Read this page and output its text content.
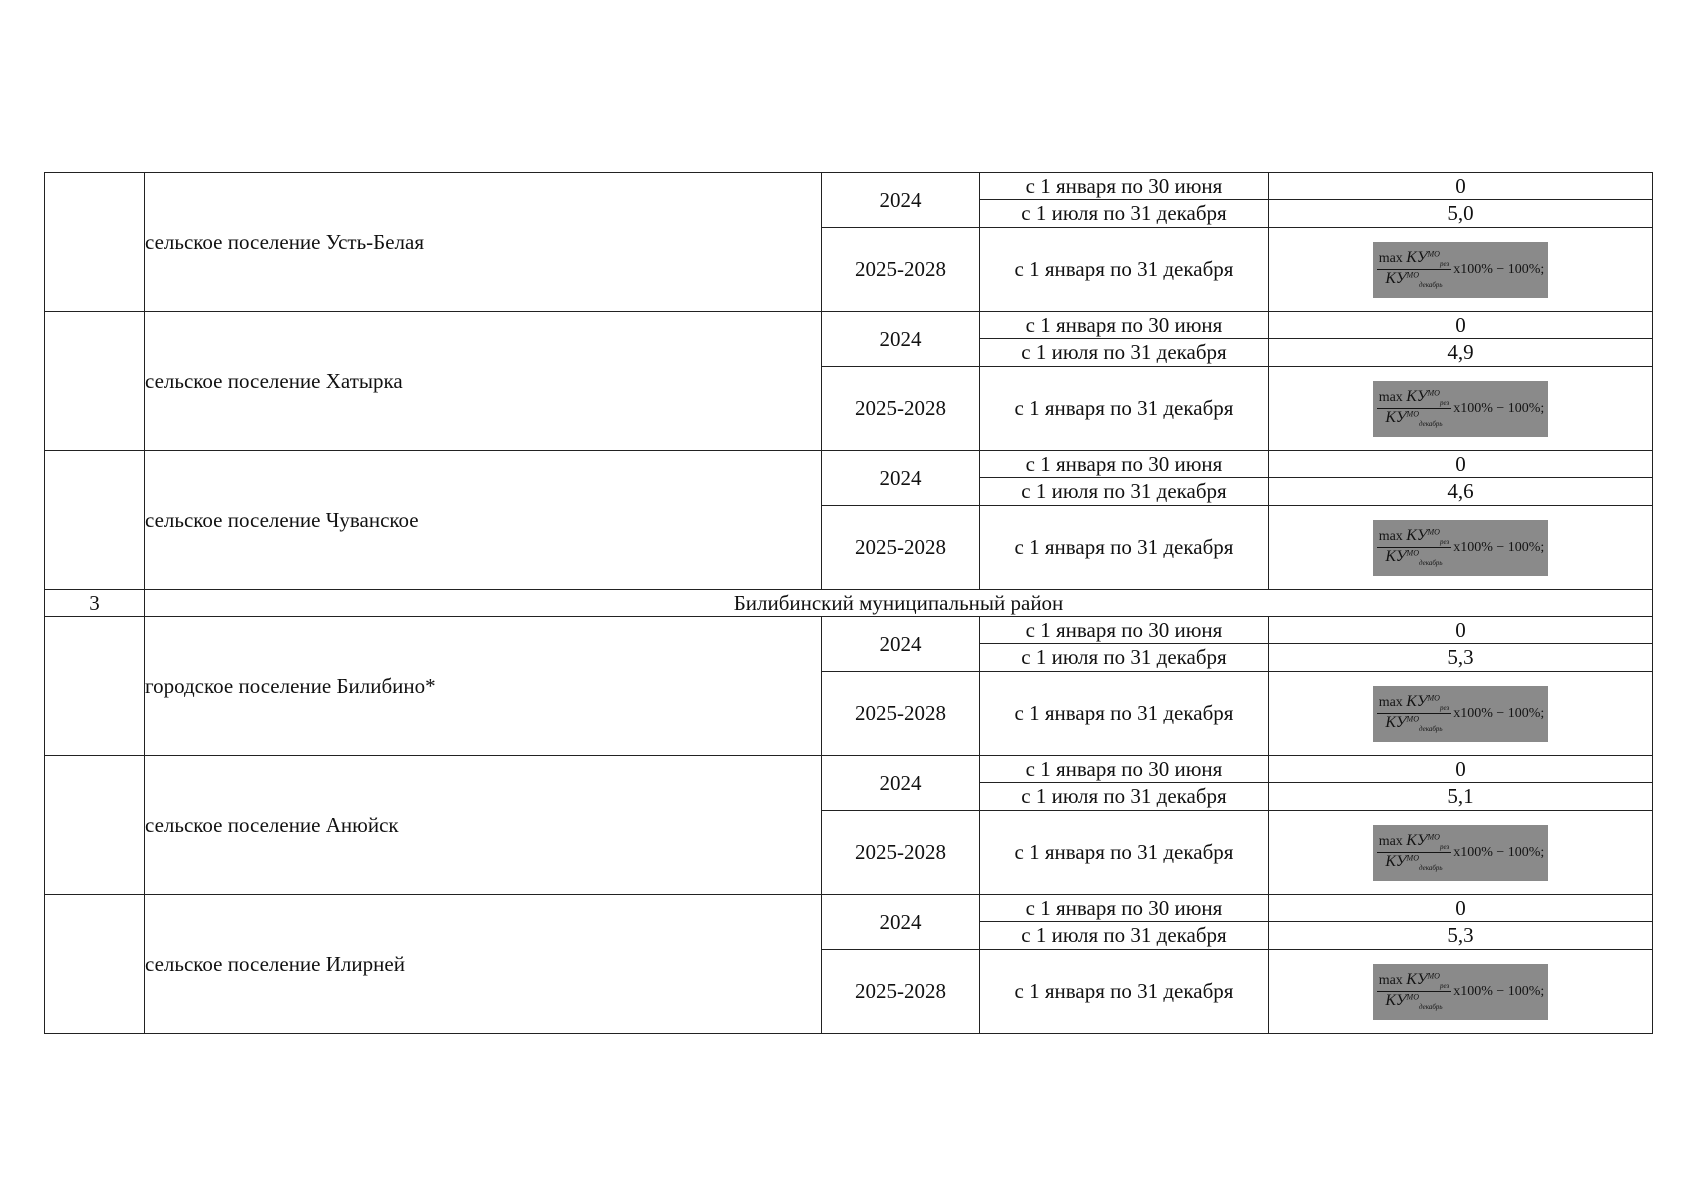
	сельское поселение Усть-Белая	2024	с 1 января по 30 июня	0
			с 1 июля по 31 декабря	5,0
		2025-2028	с 1 января по 31 декабря	$\frac{\max КУ^{МО}_{рез}}{КУ^{МО}_{декабрь}} x100\% - 100\%$;

	сельское поселение Хатырка	2024	с 1 января по 30 июня	0
			с 1 июля по 31 декабря	4,9
		2025-2028	с 1 января по 31 декабря	$\frac{\max КУ^{МО}_{рез}}{КУ^{МО}_{декабрь}} x100\% - 100\%$;

	сельское поселение Чуванское	2024	с 1 января по 30 июня	0
			с 1 июля по 31 декабря	4,6
		2025-2028	с 1 января по 31 декабря	$\frac{\max КУ^{МО}_{рез}}{КУ^{МО}_{декабрь}} x100\% - 100\%$;

3	Билибинский муниципальный район			
	городское поселение Билибино*	2024	с 1 января по 30 июня	0
			с 1 июля по 31 декабря	5,3
		2025-2028	с 1 января по 31 декабря	$\frac{\max КУ^{МО}_{рез}}{КУ^{МО}_{декабрь}} x100\% - 100\%$;

	сельское поселение Анюйск	2024	с 1 января по 30 июня	0
			с 1 июля по 31 декабря	5,1
		2025-2028	с 1 января по 31 декабря	$\frac{\max КУ^{МО}_{рез}}{КУ^{МО}_{декабрь}} x100\% - 100\%$;

	сельское поселение Илирней	2024	с 1 января по 30 июня	0
			с 1 июля по 31 декабря	5,3
		2025-2028	с 1 января по 31 декабря	$\frac{\max КУ^{МО}_{рез}}{КУ^{МО}_{декабрь}} x100\% - 100\%$;
